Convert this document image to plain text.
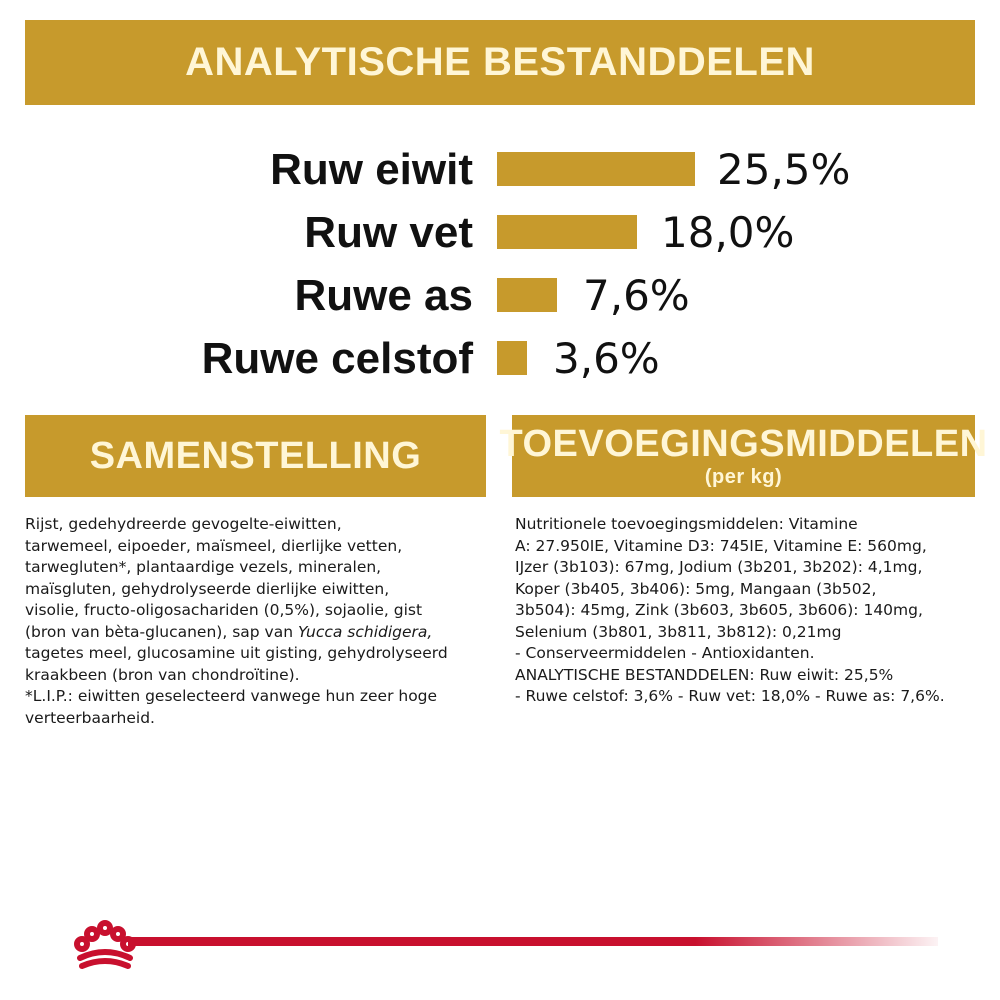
ANALYTISCHE BESTANDDELEN
Ruw eiwit	25,5%
Ruw vet	18,0%
Ruwe as	7,6%
Ruwe celstof 3,6%
SAMENSTELLING TOEVOEGINGSMIDDELEN
(per kg)
Rijst, gedehydreerde gevogelte-eiwitten,
tarwemeel, eipoeder, maïsmeel, dierlijke vetten,
tarwegluten*, plantaardige vezels, mineralen,
maïsgluten, gehydrolyseerde dierlijke eiwitten,
visolie, fructo-oligosachariden (0,5%), sojaolie, gist
(bron van bèta-glucanen), sap van Yucca schidigera,
tagetes meel, glucosamine uit gisting, gehydrolyseerd
kraakbeen (bron van chondroïtine).
*L.I.P.: eiwitten geselecteerd vanwege hun zeer hoge
verteerbaarheid.
Nutritionele toevoegingsmiddelen: Vitamine
A: 27.950IE, Vitamine D3: 745IE, Vitamine E: 560mg,
IJzer (3b103): 67mg, Jodium (3b201, 3b202): 4,1mg,
Koper (3b405, 3b406): 5mg, Mangaan (3b502,
3b504): 45mg, Zink (3b603, 3b605, 3b606): 140mg,
Selenium (3b801, 3b811, 3b812): 0,21mg
- Conserveermiddelen - Antioxidanten.
ANALYTISCHE BESTANDDELEN: Ruw eiwit: 25,5%
- Ruwe celstof: 3,6% - Ruw vet: 18,0% - Ruwe as: 7,6%.
